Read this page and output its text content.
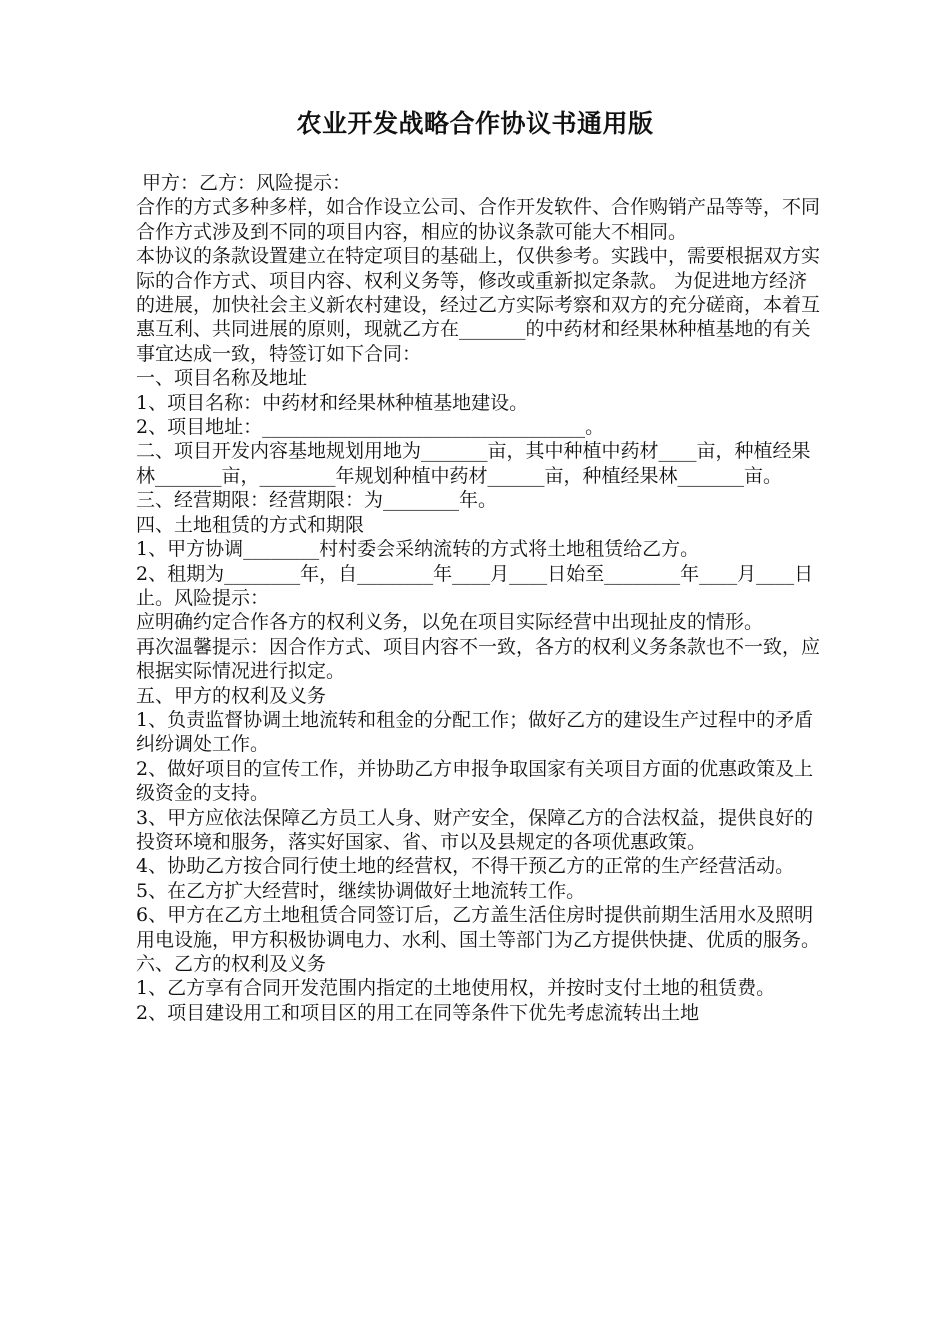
农业开发战略合作协议书通用版

甲方：乙方：风险提示：

合作的方式多种多样，如合作设立公司、合作开发软件、合作购销产品等等，不同合作方式涉及到不同的项目内容，相应的协议条款可能大不相同。

本协议的条款设置建立在特定项目的基础上，仅供参考。实践中，需要根据双方实际的合作方式、项目内容、权利义务等，修改或重新拟定条款。 为促进地方经济的进展，加快社会主义新农村建设，经过乙方实际考察和双方的充分磋商，本着互惠互利、共同进展的原则，现就乙方在_______的中药材和经果林种植基地的有关事宜达成一致，特签订如下合同：

一、项目名称及地址

1、项目名称：中药材和经果林种植基地建设。

2、项目地址：__________________________________。

二、项目开发内容基地规划用地为_______亩，其中种植中药材____亩，种植经果林_______亩，________年规划种植中药材______亩，种植经果林_______亩。

三、经营期限：经营期限：为________年。

四、土地租赁的方式和期限

1、甲方协调________村村委会采纳流转的方式将土地租赁给乙方。

2、租期为________年，自________年____月____日始至________年____月____日止。风险提示：

应明确约定合作各方的权利义务，以免在项目实际经营中出现扯皮的情形。

再次温馨提示：因合作方式、项目内容不一致，各方的权利义务条款也不一致，应根据实际情况进行拟定。

五、甲方的权利及义务

1、负责监督协调土地流转和租金的分配工作；做好乙方的建设生产过程中的矛盾纠纷调处工作。

2、做好项目的宣传工作，并协助乙方申报争取国家有关项目方面的优惠政策及上级资金的支持。

3、甲方应依法保障乙方员工人身、财产安全，保障乙方的合法权益，提供良好的投资环境和服务，落实好国家、省、市以及县规定的各项优惠政策。

4、协助乙方按合同行使土地的经营权，不得干预乙方的正常的生产经营活动。

5、在乙方扩大经营时，继续协调做好土地流转工作。

6、甲方在乙方土地租赁合同签订后，乙方盖生活住房时提供前期生活用水及照明用电设施，甲方积极协调电力、水利、国土等部门为乙方提供快捷、优质的服务。

六、乙方的权利及义务

1、乙方享有合同开发范围内指定的土地使用权，并按时支付土地的租赁费。

2、项目建设用工和项目区的用工在同等条件下优先考虑流转出土地
